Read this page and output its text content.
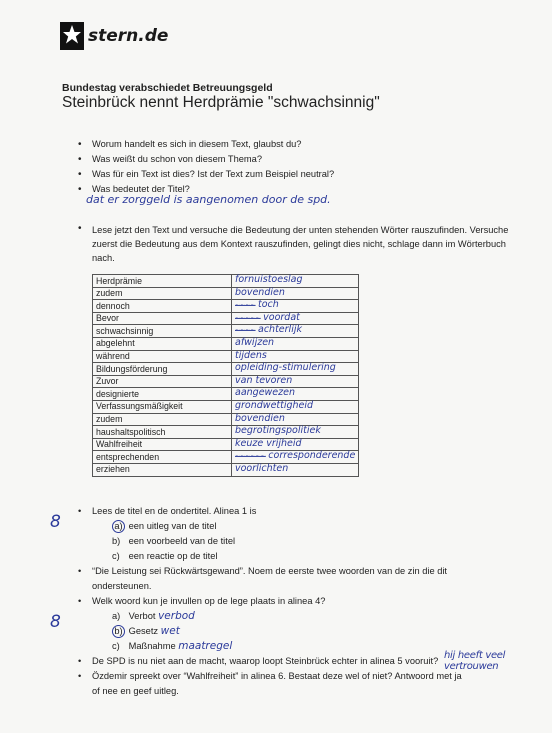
stern.de
Bundestag verabschiedet Betreuungsgeld
Steinbrück nennt Herdprämie "schwachsinnig"
• Worum handelt es sich in diesem Text, glaubst du?
• Was weißt du schon von diesem Thema?
• Was für ein Text ist dies? Ist der Text zum Beispiel neutral?
• Was bedeutet der Titel?
dat er zorggeld is aangenomen door de spd.
• Lese jetzt den Text und versuche die Bedeutung der unten stehenden Wörter rauszufinden. Versuche zuerst die Bedeutung aus dem Kontext rauszufinden, gelingt dies nicht, schlage dann im Wörterbuch nach.
Herdprämie	fornuistoeslag
zudem	bovendien
dennoch	~~~~ toch
Bevor	~~~~~ voordat
schwachsinnig	~~~~ achterlijk
abgelehnt	afwijzen
während	tijdens
Bildungsförderung	opleiding-stimulering
Zuvor	van tevoren
designierte	aangewezen
Verfassungsmäßigkeit	grondwettigheid
zudem	bovendien
haushaltspolitisch	begrotingspolitiek
Wahlfreiheit	keuze vrijheid
entsprechenden	~~~~~~ corresponderende
erziehen	voorlichten
8
8
• Lees de titel en de ondertitel. Alinea 1 is
a) een uitleg van de titel
b) een voorbeeld van de titel
c) een reactie op de titel
• “Die Leistung sei Rückwärtsgewand”. Noem de eerste twee woorden van de zin die dit
ondersteunen.
• Welk woord kun je invullen op de lege plaats in alinea 4?
a) Verbot verbod
b) Gesetz wet
c) Maßnahme maatregel
• De SPD is nu niet aan de macht, waarop loopt Steinbrück echter in alinea 5 vooruit?
• Özdemir spreekt over “Wahlfreiheit” in alinea 6. Bestaat deze wel of niet? Antwoord met ja
of nee en geef uitleg.
hij heeft veel vertrouwen
